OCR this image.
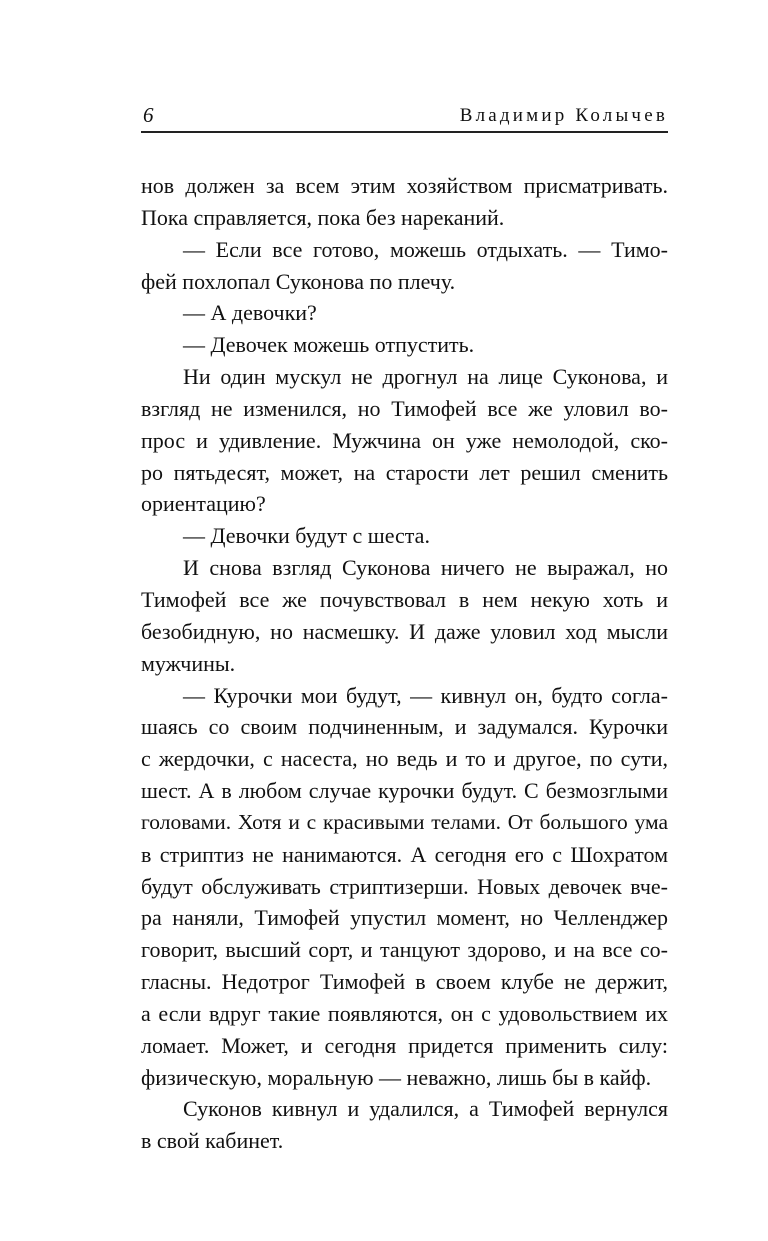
6	Владимир Колычев
нов должен за всем этим хозяйством присматривать.
Пока справляется, пока без нареканий.
— Если все готово, можешь отдыхать. — Тимо-
фей похлопал Суконова по плечу.
— А девочки?
— Девочек можешь отпустить.
Ни один мускул не дрогнул на лице Суконова, и
взгляд не изменился, но Тимофей все же уловил во-
прос и удивление. Мужчина он уже немолодой, ско-
ро пятьдесят, может, на старости лет решил сменить
ориентацию?
— Девочки будут с шеста.
И снова взгляд Суконова ничего не выражал, но
Тимофей все же почувствовал в нем некую хоть и
безобидную, но насмешку. И даже уловил ход мысли
мужчины.
— Курочки мои будут, — кивнул он, будто согла-
шаясь со своим подчиненным, и задумался. Курочки
с жердочки, с насеста, но ведь и то и другое, по сути,
шест. А в любом случае курочки будут. С безмозглыми
головами. Хотя и с красивыми телами. От большого ума
в стриптиз не нанимаются. А сегодня его с Шохратом
будут обслуживать стриптизерши. Новых девочек вче-
ра наняли, Тимофей упустил момент, но Челленджер
говорит, высший сорт, и танцуют здорово, и на все со-
гласны. Недотрог Тимофей в своем клубе не держит,
а если вдруг такие появляются, он с удовольствием их
ломает. Может, и сегодня придется применить силу:
физическую, моральную — неважно, лишь бы в кайф.
Суконов кивнул и удалился, а Тимофей вернулся
в свой кабинет.
